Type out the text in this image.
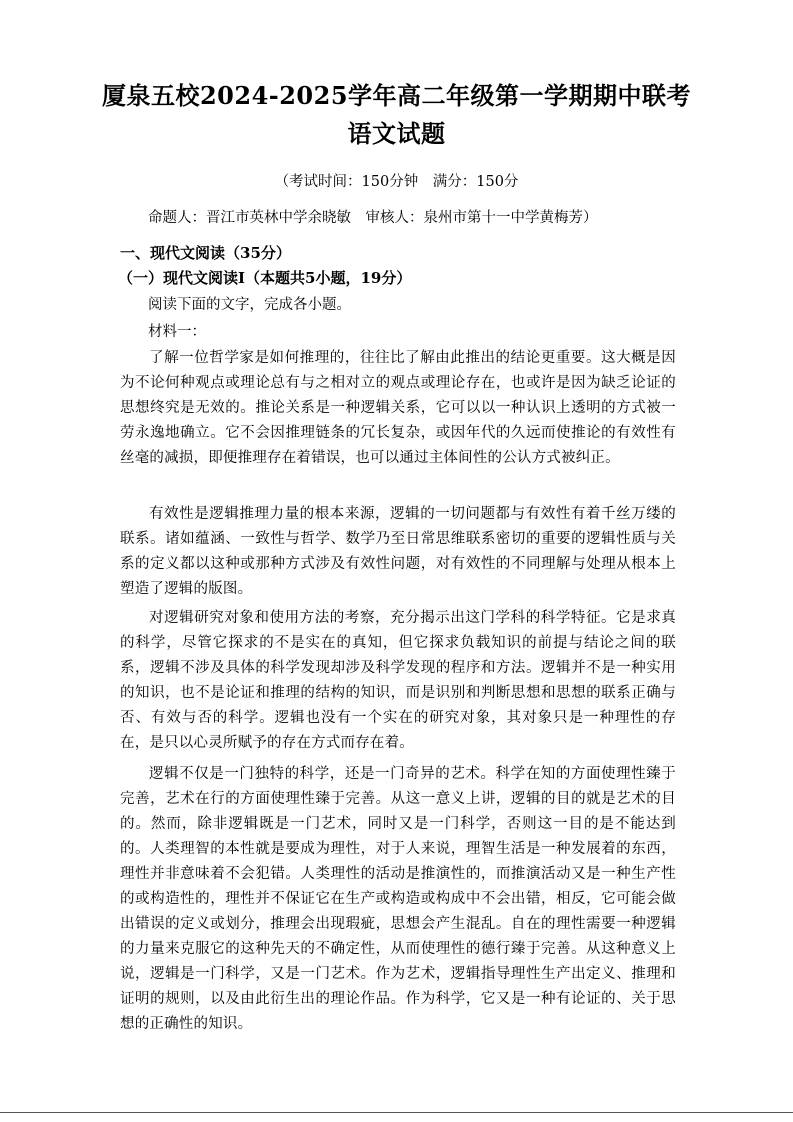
厦泉五校2024-2025学年高二年级第一学期期中联考
语文试题
（考试时间：150分钟　满分：150分
命题人：晋江市英林中学余晓敏　审核人：泉州市第十一中学黄梅芳）
一、现代文阅读（35分）
（一）现代文阅读Ⅰ（本题共5小题，19分）
阅读下面的文字，完成各小题。
材料一：

了解一位哲学家是如何推理的，往往比了解由此推出的结论更重要。这大概是因为不论何种观点或理论总有与之相对立的观点或理论存在，也或许是因为缺乏论证的思想终究是无效的。推论关系是一种逻辑关系，它可以以一种认识上透明的方式被一劳永逸地确立。它不会因推理链条的冗长复杂，或因年代的久远而使推论的有效性有丝毫的减损，即便推理存在着错误，也可以通过主体间性的公认方式被纠正。

有效性是逻辑推理力量的根本来源，逻辑的一切问题都与有效性有着千丝万缕的联系。诸如蕴涵、一致性与哲学、数学乃至日常思维联系密切的重要的逻辑性质与关系的定义都以这种或那种方式涉及有效性问题，对有效性的不同理解与处理从根本上塑造了逻辑的版图。

对逻辑研究对象和使用方法的考察，充分揭示出这门学科的科学特征。它是求真的科学，尽管它探求的不是实在的真知，但它探求负载知识的前提与结论之间的联系，逻辑不涉及具体的科学发现却涉及科学发现的程序和方法。逻辑并不是一种实用的知识，也不是论证和推理的结构的知识，而是识别和判断思想和思想的联系正确与否、有效与否的科学。逻辑也没有一个实在的研究对象，其对象只是一种理性的存在，是只以心灵所赋予的存在方式而存在着。

逻辑不仅是一门独特的科学，还是一门奇异的艺术。科学在知的方面使理性臻于完善，艺术在行的方面使理性臻于完善。从这一意义上讲，逻辑的目的就是艺术的目的。然而，除非逻辑既是一门艺术，同时又是一门科学，否则这一目的是不能达到的。人类理智的本性就是要成为理性，对于人来说，理智生活是一种发展着的东西，理性并非意味着不会犯错。人类理性的活动是推演性的，而推演活动又是一种生产性的或构造性的，理性并不保证它在生产或构造或构成中不会出错，相反，它可能会做出错误的定义或划分，推理会出现瑕疵，思想会产生混乱。自在的理性需要一种逻辑的力量来克服它的这种先天的不确定性，从而使理性的德行臻于完善。从这种意义上说，逻辑是一门科学，又是一门艺术。作为艺术，逻辑指导理性生产出定义、推理和证明的规则，以及由此衍生出的理论作品。作为科学，它又是一种有论证的、关于思想的正确性的知识。
